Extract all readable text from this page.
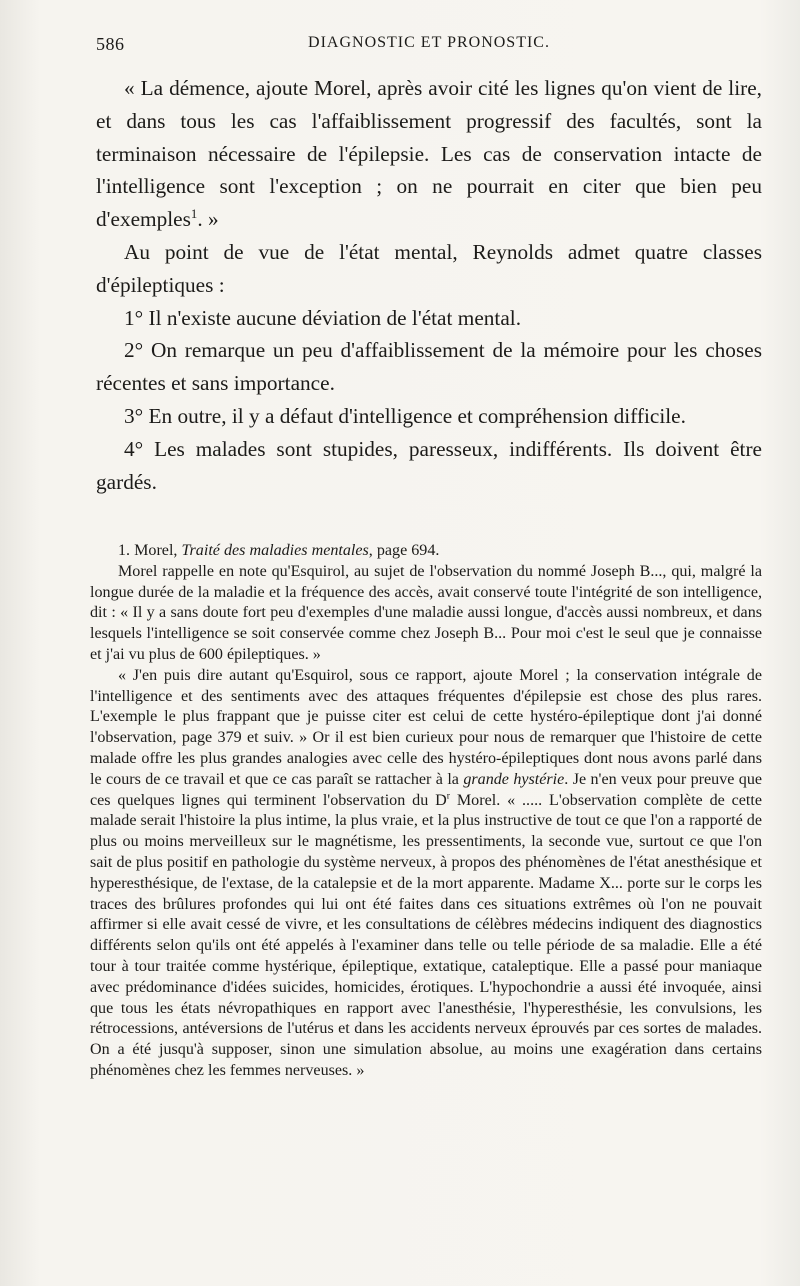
586	DIAGNOSTIC ET PRONOSTIC.

« La démence, ajoute Morel, après avoir cité les lignes qu'on vient de lire, et dans tous les cas l'affaiblissement progressif des facultés, sont la terminaison nécessaire de l'épilepsie. Les cas de conservation intacte de l'intelligence sont l'exception ; on ne pourrait en citer que bien peu d'exemples$^1$. »

Au point de vue de l'état mental, Reynolds admet quatre classes d'épileptiques :

1° Il n'existe aucune déviation de l'état mental.

2° On remarque un peu d'affaiblissement de la mémoire pour les choses récentes et sans importance.

3° En outre, il y a défaut d'intelligence et compréhension difficile.

4° Les malades sont stupides, paresseux, indifférents. Ils doivent être gardés.

1. Morel, Traité des maladies mentales, page 694.

Morel rappelle en note qu'Esquirol, au sujet de l'observation du nommé Joseph B..., qui, malgré la longue durée de la maladie et la fréquence des accès, avait conservé toute l'intégrité de son intelligence, dit : « Il y a sans doute fort peu d'exemples d'une maladie aussi longue, d'accès aussi nombreux, et dans lesquels l'intelligence se soit conservée comme chez Joseph B... Pour moi c'est le seul que je connaisse et j'ai vu plus de 600 épileptiques. »

« J'en puis dire autant qu'Esquirol, sous ce rapport, ajoute Morel ; la conservation intégrale de l'intelligence et des sentiments avec des attaques fréquentes d'épilepsie est chose des plus rares. L'exemple le plus frappant que je puisse citer est celui de cette hystéro-épileptique dont j'ai donné l'observation, page 379 et suiv. » Or il est bien curieux pour nous de remarquer que l'histoire de cette malade offre les plus grandes analogies avec celle des hystéro-épileptiques dont nous avons parlé dans le cours de ce travail et que ce cas paraît se rattacher à la grande hystérie. Je n'en veux pour preuve que ces quelques lignes qui terminent l'observation du $D^r$ Morel. « ..... L'observation complète de cette malade serait l'histoire la plus intime, la plus vraie, et la plus instructive de tout ce que l'on a rapporté de plus ou moins merveilleux sur le magnétisme, les pressentiments, la seconde vue, surtout ce que l'on sait de plus positif en pathologie du système nerveux, à propos des phénomènes de l'état anesthésique et hyperesthésique, de l'extase, de la catalepsie et de la mort apparente. Madame X... porte sur le corps les traces des brûlures profondes qui lui ont été faites dans ces situations extrêmes où l'on ne pouvait affirmer si elle avait cessé de vivre, et les consultations de célèbres médecins indiquent des diagnostics différents selon qu'ils ont été appelés à l'examiner dans telle ou telle période de sa maladie. Elle a été tour à tour traitée comme hystérique, épileptique, extatique, cataleptique. Elle a passé pour maniaque avec prédominance d'idées suicides, homicides, érotiques. L'hypochondrie a aussi été invoquée, ainsi que tous les états névropathiques en rapport avec l'anesthésie, l'hyperesthésie, les convulsions, les rétrocessions, antéversions de l'utérus et dans les accidents nerveux éprouvés par ces sortes de malades. On a été jusqu'à supposer, sinon une simulation absolue, au moins une exagération dans certains phénomènes chez les femmes nerveuses. »
